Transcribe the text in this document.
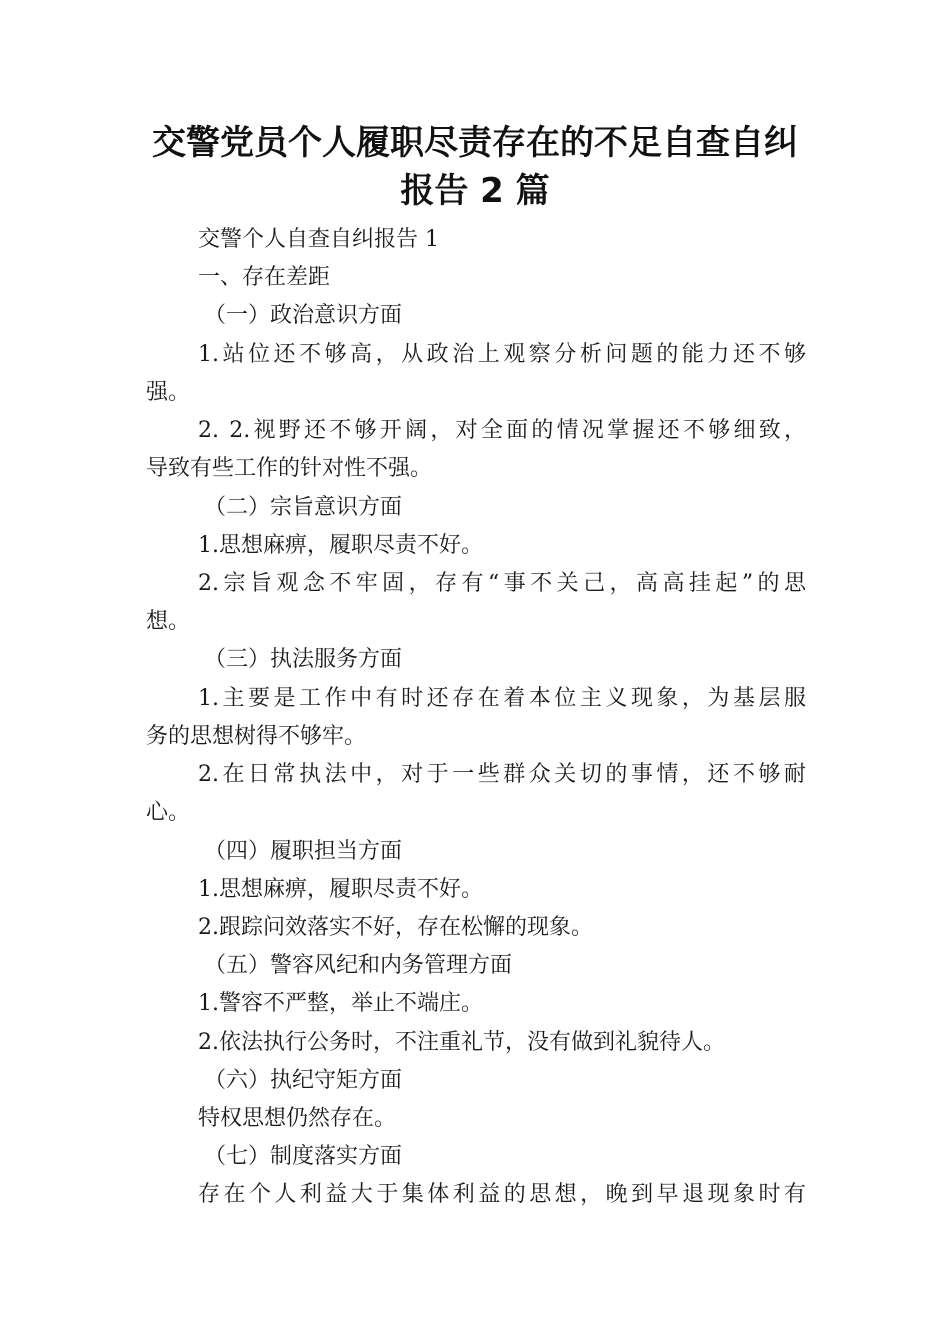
交警党员个人履职尽责存在的不足自查自纠
报告 2 篇
交警个人自查自纠报告 1
一、存在差距
（一）政治意识方面
1.站位还不够高，从政治上观察分析问题的能力还不够
强。
2. 2.视野还不够开阔，对全面的情况掌握还不够细致，
导致有些工作的针对性不强。
（二）宗旨意识方面
1.思想麻痹，履职尽责不好。
2.宗旨观念不牢固，存有“事不关己，高高挂起”的思
想。
（三）执法服务方面
1.主要是工作中有时还存在着本位主义现象，为基层服
务的思想树得不够牢。
2.在日常执法中，对于一些群众关切的事情，还不够耐
心。
（四）履职担当方面
1.思想麻痹，履职尽责不好。
2.跟踪问效落实不好，存在松懈的现象。
（五）警容风纪和内务管理方面
1.警容不严整，举止不端庄。
2.依法执行公务时，不注重礼节，没有做到礼貌待人。
（六）执纪守矩方面
特权思想仍然存在。
（七）制度落实方面
存在个人利益大于集体利益的思想，晚到早退现象时有
